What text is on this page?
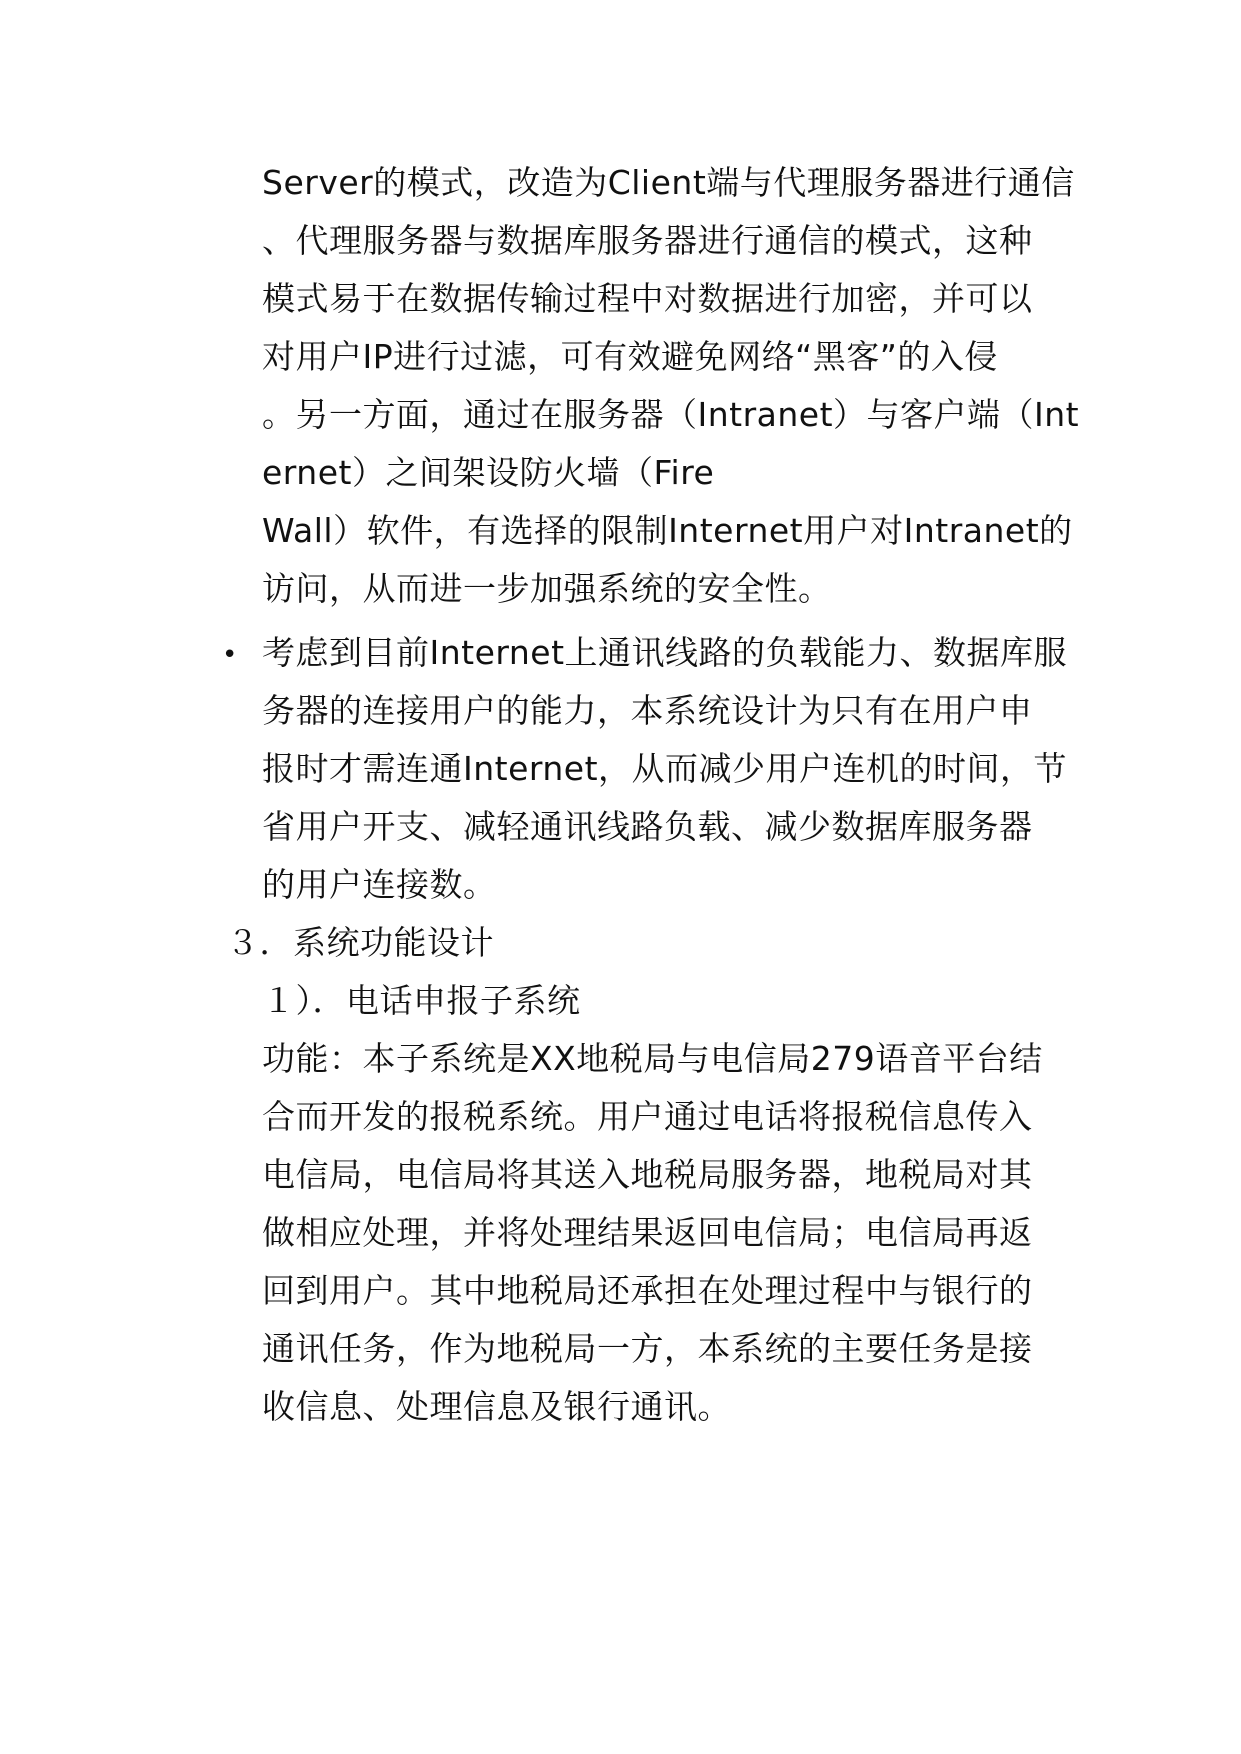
Server的模式，改造为Client端与代理服务器进行通信
、代理服务器与数据库服务器进行通信的模式，这种
模式易于在数据传输过程中对数据进行加密，并可以
对用户IP进行过滤，可有效避免网络“黑客”的入侵
。另一方面，通过在服务器（Intranet）与客户端（Int
ernet）之间架设防火墙（Fire
Wall）软件，有选择的限制Internet用户对Intranet的
访问，从而进一步加强系统的安全性。
• 考虑到目前Internet上通讯线路的负载能力、数据库服
务器的连接用户的能力，本系统设计为只有在用户申
报时才需连通Internet，从而减少用户连机的时间，节
省用户开支、减轻通讯线路负载、减少数据库服务器
的用户连接数。
３．系统功能设计
１）．电话申报子系统
功能：本子系统是XX地税局与电信局279语音平台结
合而开发的报税系统。用户通过电话将报税信息传入
电信局，电信局将其送入地税局服务器，地税局对其
做相应处理，并将处理结果返回电信局；电信局再返
回到用户。其中地税局还承担在处理过程中与银行的
通讯任务，作为地税局一方，本系统的主要任务是接
收信息、处理信息及银行通讯。
